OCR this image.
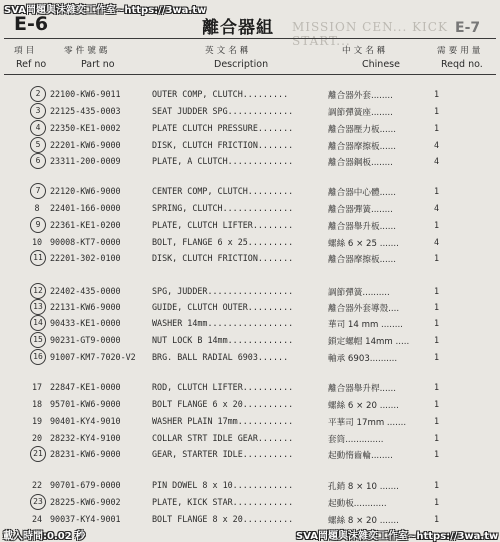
SVA岡題與沫雜奕工作室~https://3wa.tw
E-6	MISSION CEN... KICK START...
離合器組	E-7
項目	零件號碼	英文名稱	中文名稱	需要用量
Ref no	Part no	Description	Chinese	Reqd no.
2	22100-KW6-9011	OUTER COMP, CLUTCH.........	離合器外套........	1
3	22125-435-0003	SEAT JUDDER SPG.............	調節彈簧座........	1
4	22350-KE1-0002	PLATE CLUTCH PRESSURE.......	離合器壓力板......	1
5	22201-KW6-9000	DISK, CLUTCH FRICTION.......	離合器摩擦板......	4
6	23311-200-0009	PLATE, A CLUTCH.............	離合器鋼板........	4
7	22120-KW6-9000	CENTER COMP, CLUTCH.........	離合器中心體......	1
8	22401-166-0000	SPRING, CLUTCH..............	離合器彈簧........	4
9	22361-KE1-0200	PLATE, CLUTCH LIFTER........	離合器舉升板......	1
10 90008-KT7-0000	BOLT, FLANGE 6 x 25.........	螺絲 6 × 25 .......	4
11 22201-302-0100	DISK, CLUTCH FRICTION.......	離合器摩擦板......	1
12 22402-435-0000	SPG, JUDDER.................	調節彈簧..........	1
13 22131-KW6-9000	GUIDE, CLUTCH OUTER.........	離合器外套導殼....	1
14 90433-KE1-0000	WASHER 14mm.................	華司 14 mm ........	1
15 90231-GT9-0000	NUT LOCK B 14mm.............	鎖定螺帽 14mm .....	1
16 91007-KM7-7020-V2 BRG. BALL RADIAL 6903......	軸承 6903..........	1
17 22847-KE1-0000	ROD, CLUTCH LIFTER..........	離合器舉升桿......	1
18 95701-KW6-9000	BOLT FLANGE 6 x 20..........	螺絲 6 × 20 .......	1
19 90401-KY4-9010	WASHER PLAIN 17mm...........	平華司 17mm .......	1
20 28232-KY4-9100	COLLAR STRT IDLE GEAR.......	套筒..............	1
21 28231-KW6-9000	GEAR, STARTER IDLE..........	起動惰齒輪........	1
22 90701-679-0000	PIN DOWEL 8 x 10............	孔銷 8 × 10 .......	1
23 28225-KW6-9002	PLATE, KICK STAR............	起動板............	1
24 90037-KY4-9001	BOLT FLANGE 8 x 20..........	螺絲 8 × 20 .......	1
載入時間:0.02 秒	SVA岡題與沫雜奕工作室~https://3wa.tw
